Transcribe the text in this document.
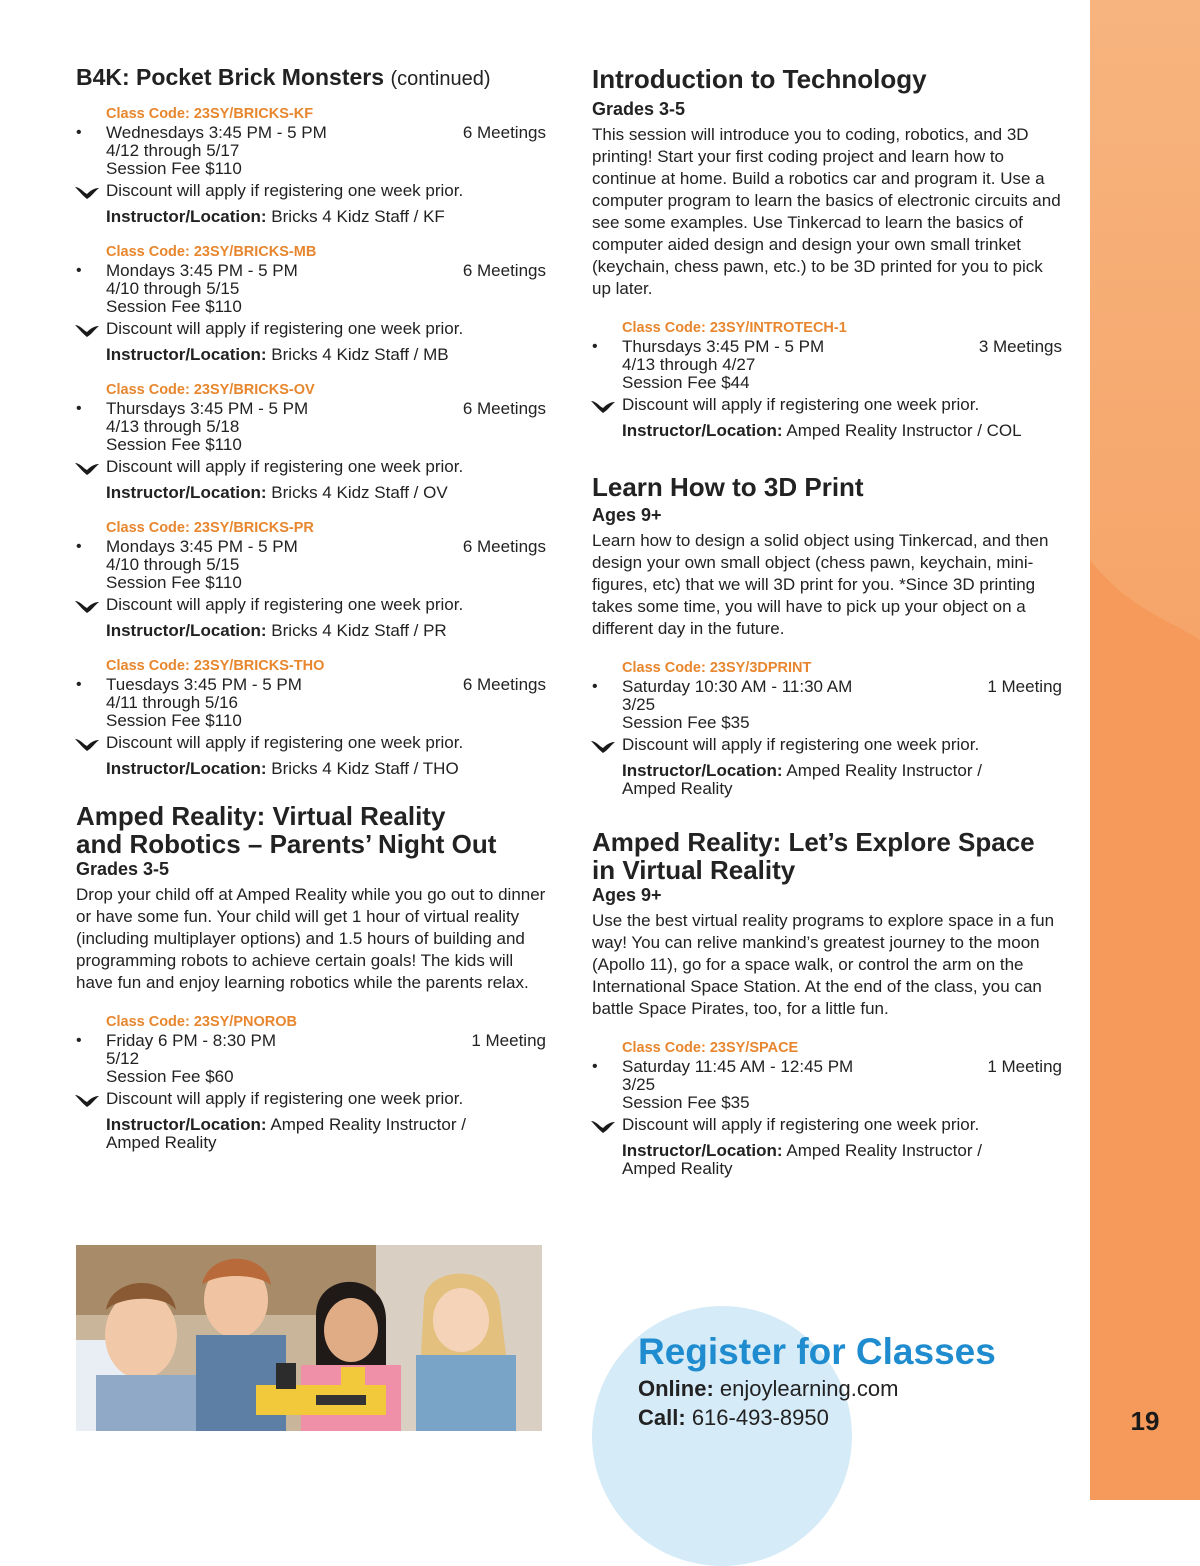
19
B4K: Pocket Brick Monsters (continued)

Class Code: 23SY/BRICKS-KF

• Wednesdays 3:45 PM - 5 PM	6 Meetings
4/12 through 5/17
Session Fee $110
Discount will apply if registering one week prior.
Instructor/Location: Bricks 4 Kidz Staff / KF

Class Code: 23SY/BRICKS-MB

• Mondays 3:45 PM - 5 PM	6 Meetings
4/10 through 5/15
Session Fee $110
Discount will apply if registering one week prior.
Instructor/Location: Bricks 4 Kidz Staff / MB

Class Code: 23SY/BRICKS-OV

• Thursdays 3:45 PM - 5 PM	6 Meetings
4/13 through 5/18
Session Fee $110
Discount will apply if registering one week prior.
Instructor/Location: Bricks 4 Kidz Staff / OV

Class Code: 23SY/BRICKS-PR

• Mondays 3:45 PM - 5 PM	6 Meetings
4/10 through 5/15
Session Fee $110
Discount will apply if registering one week prior.
Instructor/Location: Bricks 4 Kidz Staff / PR

Class Code: 23SY/BRICKS-THO

• Tuesdays 3:45 PM - 5 PM	6 Meetings
4/11 through 5/16
Session Fee $110
Discount will apply if registering one week prior.
Instructor/Location: Bricks 4 Kidz Staff / THO
Amped Reality: Virtual Reality
and Robotics – Parents’ Night Out

Grades 3-5

Drop your child off at Amped Reality while you go out to dinner or have some fun. Your child will get 1 hour of virtual reality (including multiplayer options) and 1.5 hours of building and programming robots to achieve certain goals! The kids will have fun and enjoy learning robotics while the parents relax.

Class Code: 23SY/PNOROB

• Friday 6 PM - 8:30 PM	1 Meeting
5/12
Session Fee $60
Discount will apply if registering one week prior.
Instructor/Location: Amped Reality Instructor /
Amped Reality
Introduction to Technology

Grades 3-5

This session will introduce you to coding, robotics, and 3D printing! Start your first coding project and learn how to continue at home. Build a robotics car and program it. Use a computer program to learn the basics of electronic circuits and see some examples. Use Tinkercad to learn the basics of computer aided design and design your own small trinket (keychain, chess pawn, etc.) to be 3D printed for you to pick up later.

Class Code: 23SY/INTROTECH-1

• Thursdays 3:45 PM - 5 PM	3 Meetings
4/13 through 4/27
Session Fee $44
Discount will apply if registering one week prior.
Instructor/Location: Amped Reality Instructor / COL
Learn How to 3D Print

Ages 9+

Learn how to design a solid object using Tinkercad, and then design your own small object (chess pawn, keychain, mini-figures, etc) that we will 3D print for you. *Since 3D printing takes some time, you will have to pick up your object on a different day in the future.

Class Code: 23SY/3DPRINT

• Saturday 10:30 AM - 11:30 AM	1 Meeting
3/25
Session Fee $35
Discount will apply if registering one week prior.
Instructor/Location: Amped Reality Instructor /
Amped Reality
Amped Reality: Let’s Explore Space
in Virtual Reality

Ages 9+

Use the best virtual reality programs to explore space in a fun way! You can relive mankind’s greatest journey to the moon (Apollo 11), go for a space walk, or control the arm on the International Space Station. At the end of the class, you can battle Space Pirates, too, for a little fun.

Class Code: 23SY/SPACE

• Saturday 11:45 AM - 12:45 PM	1 Meeting
3/25
Session Fee $35
Discount will apply if registering one week prior.
Instructor/Location: Amped Reality Instructor /
Amped Reality
Register for Classes
Online: enjoylearning.com
Call: 616-493-8950
